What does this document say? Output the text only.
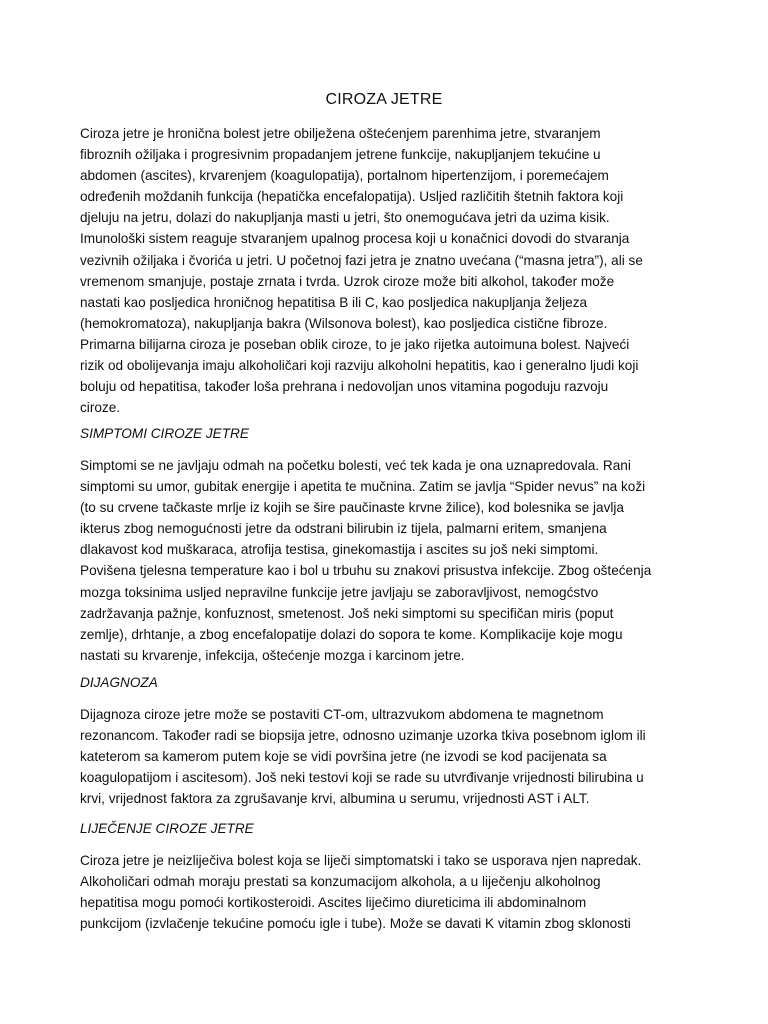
CIROZA JETRE
Ciroza jetre je hronična bolest jetre obilježena oštećenjem parenhima jetre, stvaranjem
fibroznih ožiljaka i progresivnim propadanjem jetrene funkcije, nakupljanjem tekućine u
abdomen (ascites), krvarenjem (koagulopatija), portalnom hipertenzijom, i poremećajem
određenih moždanih funkcija (hepatička encefalopatija). Usljed različitih štetnih faktora koji
djeluju na jetru, dolazi do nakupljanja masti u jetri, što onemogućava jetri da uzima kisik.
Imunološki sistem reaguje stvaranjem upalnog procesa koji u konačnici dovodi do stvaranja
vezivnih ožiljaka i čvorića u jetri. U početnoj fazi jetra je znatno uvećana (“masna jetra”), ali se
vremenom smanjuje, postaje zrnata i tvrda. Uzrok ciroze može biti alkohol, također može
nastati kao posljedica hroničnog hepatitisa B ili C, kao posljedica nakupljanja željeza
(hemokromatoza), nakupljanja bakra (Wilsonova bolest), kao posljedica cistične fibroze.
Primarna bilijarna ciroza je poseban oblik ciroze, to je jako rijetka autoimuna bolest. Najveći
rizik od obolijevanja imaju alkoholičari koji razviju alkoholni hepatitis, kao i generalno ljudi koji
boluju od hepatitisa, također loša prehrana i nedovoljan unos vitamina pogoduju razvoju
ciroze.
SIMPTOMI CIROZE JETRE
Simptomi se ne javljaju odmah na početku bolesti, već tek kada je ona uznapredovala. Rani
simptomi su umor, gubitak energije i apetita te mučnina. Zatim se javlja “Spider nevus” na koži
(to su crvene tačkaste mrlje iz kojih se šire paučinaste krvne žilice), kod bolesnika se javlja
ikterus zbog nemogućnosti jetre da odstrani bilirubin iz tijela, palmarni eritem, smanjena
dlakavost kod muškaraca, atrofija testisa, ginekomastija i ascites su još neki simptomi.
Povišena tjelesna temperature kao i bol u trbuhu su znakovi prisustva infekcije. Zbog oštećenja
mozga toksinima usljed nepravilne funkcije jetre javljaju se zaboravljivost, nemogćstvo
zadržavanja pažnje, konfuznost, smetenost. Još neki simptomi su specifičan miris (poput
zemlje), drhtanje, a zbog encefalopatije dolazi do sopora te kome. Komplikacije koje mogu
nastati su krvarenje, infekcija, oštećenje mozga i karcinom jetre.
DIJAGNOZA
Dijagnoza ciroze jetre može se postaviti CT-om, ultrazvukom abdomena te magnetnom
rezonancom. Također radi se biopsija jetre, odnosno uzimanje uzorka tkiva posebnom iglom ili
kateterom sa kamerom putem koje se vidi površina jetre (ne izvodi se kod pacijenata sa
koagulopatijom i ascitesom). Još neki testovi koji se rade su utvrđivanje vrijednosti bilirubina u
krvi, vrijednost faktora za zgrušavanje krvi, albumina u serumu, vrijednosti AST i ALT.
LIJEČENJE CIROZE JETRE
Ciroza jetre je neizliječiva bolest koja se liječi simptomatski i tako se usporava njen napredak.
Alkoholičari odmah moraju prestati sa konzumacijom alkohola, a u liječenju alkoholnog
hepatitisa mogu pomoći kortikosteroidi. Ascites liječimo diureticima ili abdominalnom
punkcijom (izvlačenje tekućine pomoću igle i tube). Može se davati K vitamin zbog sklonosti
